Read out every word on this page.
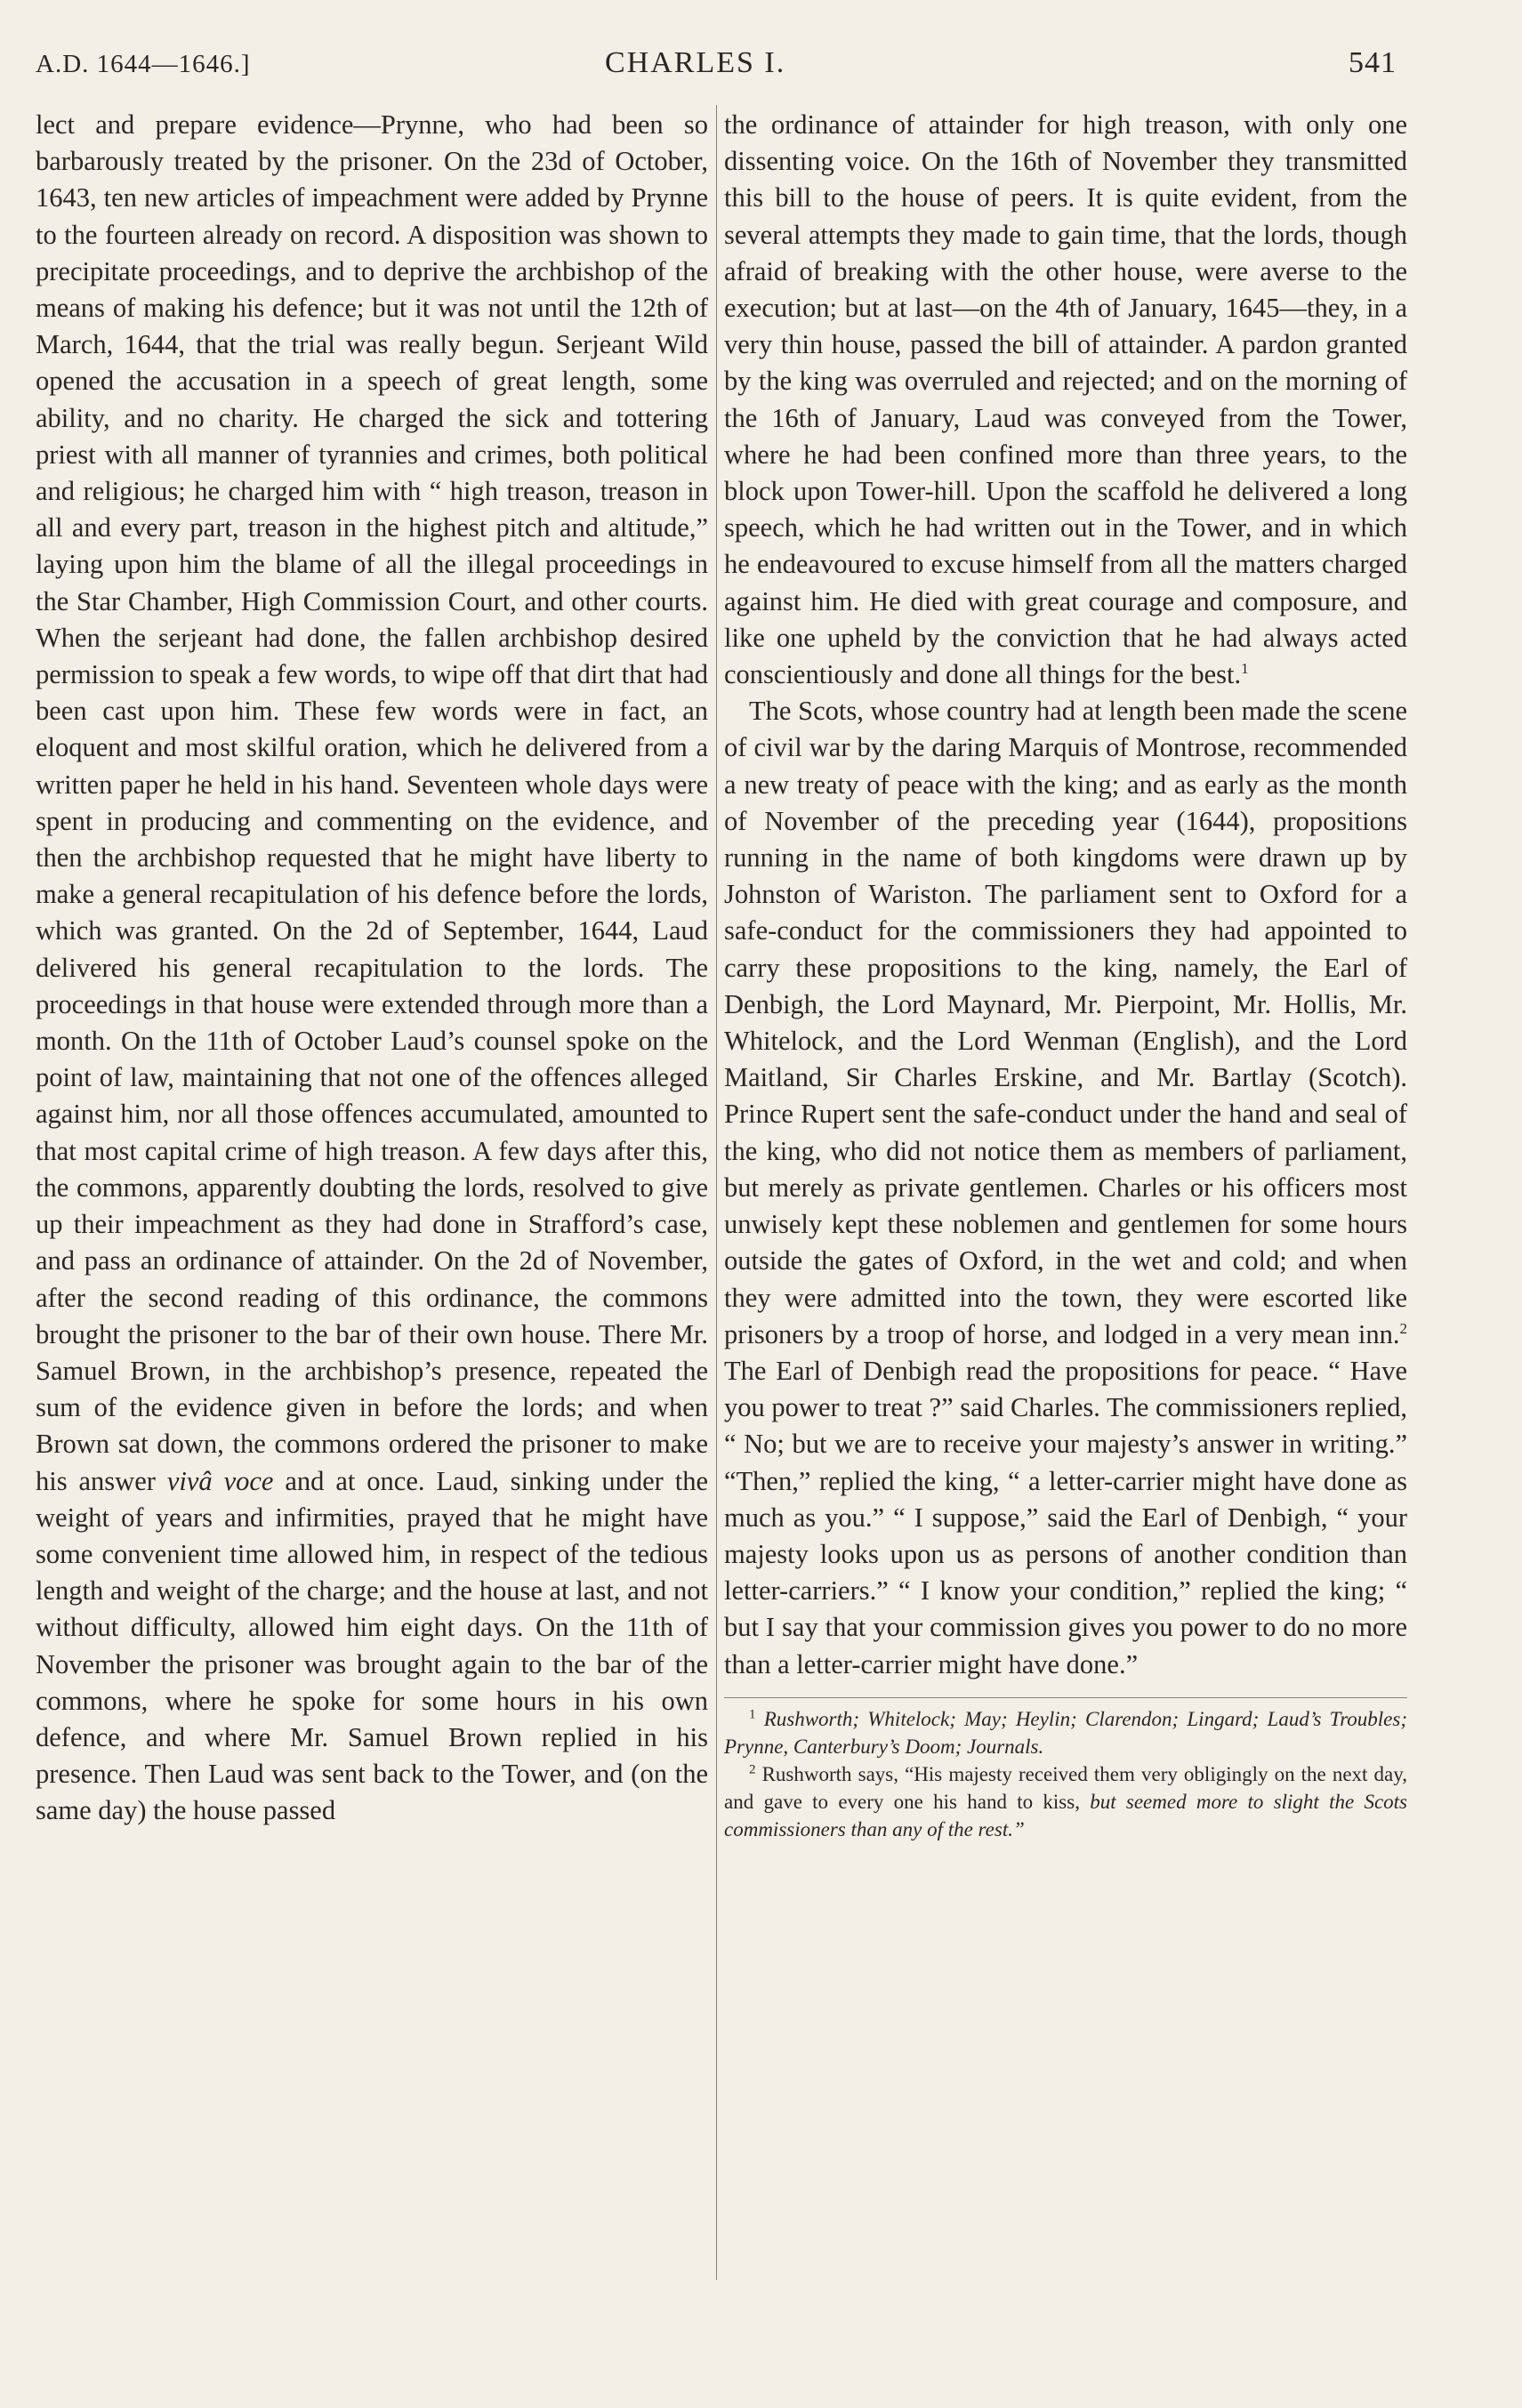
A.D. 1644—1646.]	CHARLES I.	541

lect and prepare evidence—Prynne, who had been so barbarously treated by the prisoner. On the 23d of October, 1643, ten new articles of impeachment were added by Prynne to the fourteen already on record. A disposition was shown to precipitate proceedings, and to deprive the archbishop of the means of making his defence; but it was not until the 12th of March, 1644, that the trial was really begun. Serjeant Wild opened the accusation in a speech of great length, some ability, and no charity. He charged the sick and tottering priest with all manner of tyrannies and crimes, both political and religious; he charged him with “ high treason, treason in all and every part, treason in the highest pitch and altitude,” laying upon him the blame of all the illegal proceedings in the Star Chamber, High Commission Court, and other courts. When the serjeant had done, the fallen archbishop desired permission to speak a few words, to wipe off that dirt that had been cast upon him. These few words were in fact, an eloquent and most skilful oration, which he delivered from a written paper he held in his hand. Seventeen whole days were spent in producing and commenting on the evidence, and then the archbishop requested that he might have liberty to make a general recapitulation of his defence before the lords, which was granted. On the 2d of September, 1644, Laud delivered his general recapitulation to the lords. The proceedings in that house were extended through more than a month. On the 11th of October Laud’s counsel spoke on the point of law, maintaining that not one of the offences alleged against him, nor all those offences accumulated, amounted to that most capital crime of high treason. A few days after this, the commons, apparently doubting the lords, resolved to give up their impeachment as they had done in Strafford’s case, and pass an ordinance of attainder. On the 2d of November, after the second reading of this ordinance, the commons brought the prisoner to the bar of their own house. There Mr. Samuel Brown, in the archbishop’s presence, repeated the sum of the evidence given in before the lords; and when Brown sat down, the commons ordered the prisoner to make his answer vivâ voce and at once. Laud, sinking under the weight of years and infirmities, prayed that he might have some convenient time allowed him, in respect of the tedious length and weight of the charge; and the house at last, and not without difficulty, allowed him eight days. On the 11th of November the prisoner was brought again to the bar of the commons, where he spoke for some hours in his own defence, and where Mr. Samuel Brown replied in his presence. Then Laud was sent back to the Tower, and (on the same day) the house passed

the ordinance of attainder for high treason, with only one dissenting voice. On the 16th of November they transmitted this bill to the house of peers. It is quite evident, from the several attempts they made to gain time, that the lords, though afraid of breaking with the other house, were averse to the execution; but at last—on the 4th of January, 1645—they, in a very thin house, passed the bill of attainder. A pardon granted by the king was overruled and rejected; and on the morning of the 16th of January, Laud was conveyed from the Tower, where he had been confined more than three years, to the block upon Tower-hill. Upon the scaffold he delivered a long speech, which he had written out in the Tower, and in which he endeavoured to excuse himself from all the matters charged against him. He died with great courage and composure, and like one upheld by the conviction that he had always acted conscientiously and done all things for the best.$^1$

The Scots, whose country had at length been made the scene of civil war by the daring Marquis of Montrose, recommended a new treaty of peace with the king; and as early as the month of November of the preceding year (1644), propositions running in the name of both kingdoms were drawn up by Johnston of Wariston. The parliament sent to Oxford for a safe-conduct for the commissioners they had appointed to carry these propositions to the king, namely, the Earl of Denbigh, the Lord Maynard, Mr. Pierpoint, Mr. Hollis, Mr. Whitelock, and the Lord Wenman (English), and the Lord Maitland, Sir Charles Erskine, and Mr. Bartlay (Scotch). Prince Rupert sent the safe-conduct under the hand and seal of the king, who did not notice them as members of parliament, but merely as private gentlemen. Charles or his officers most unwisely kept these noblemen and gentlemen for some hours outside the gates of Oxford, in the wet and cold; and when they were admitted into the town, they were escorted like prisoners by a troop of horse, and lodged in a very mean inn.$^2$ The Earl of Denbigh read the propositions for peace. “ Have you power to treat ?” said Charles. The commissioners replied, “ No; but we are to receive your majesty’s answer in writing.” “Then,” replied the king, “ a letter-carrier might have done as much as you.” “ I suppose,” said the Earl of Denbigh, “ your majesty looks upon us as persons of another condition than letter-carriers.” “ I know your condition,” replied the king; “ but I say that your commission gives you power to do no more than a letter-carrier might have done.”

$^1$ Rushworth; Whitelock; May; Heylin; Clarendon; Lingard; Laud’s Troubles; Prynne, Canterbury’s Doom; Journals.

$^2$ Rushworth says, “His majesty received them very obligingly on the next day, and gave to every one his hand to kiss, but seemed more to slight the Scots commissioners than any of the rest.”
